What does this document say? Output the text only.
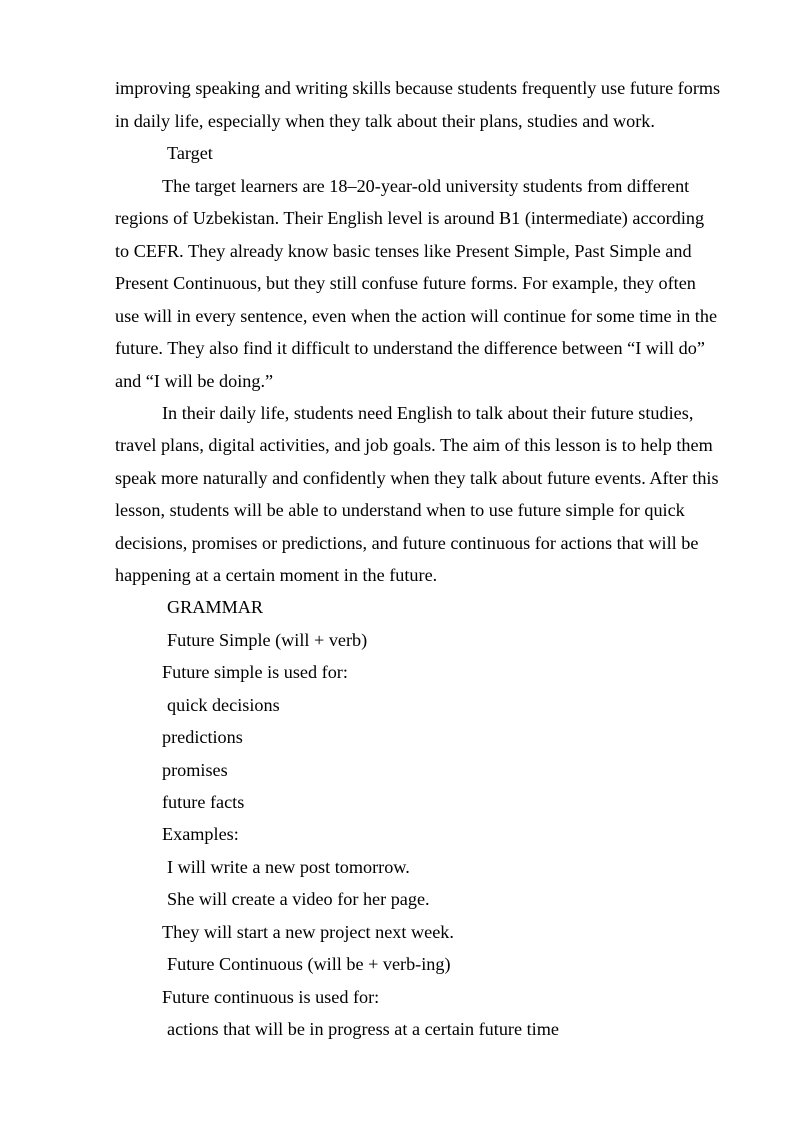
improving speaking and writing skills because students frequently use future forms
in daily life, especially when they talk about their plans, studies and work.
Target
The target learners are 18–20-year-old university students from different
regions of Uzbekistan. Their English level is around B1 (intermediate) according
to CEFR. They already know basic tenses like Present Simple, Past Simple and
Present Continuous, but they still confuse future forms. For example, they often
use will in every sentence, even when the action will continue for some time in the
future. They also find it difficult to understand the difference between “I will do”
and “I will be doing.”
In their daily life, students need English to talk about their future studies,
travel plans, digital activities, and job goals. The aim of this lesson is to help them
speak more naturally and confidently when they talk about future events. After this
lesson, students will be able to understand when to use future simple for quick
decisions, promises or predictions, and future continuous for actions that will be
happening at a certain moment in the future.
GRAMMAR
Future Simple (will + verb)
Future simple is used for:
quick decisions
predictions
promises
future facts
Examples:
I will write a new post tomorrow.
She will create a video for her page.
They will start a new project next week.
Future Continuous (will be + verb-ing)
Future continuous is used for:
actions that will be in progress at a certain future time
